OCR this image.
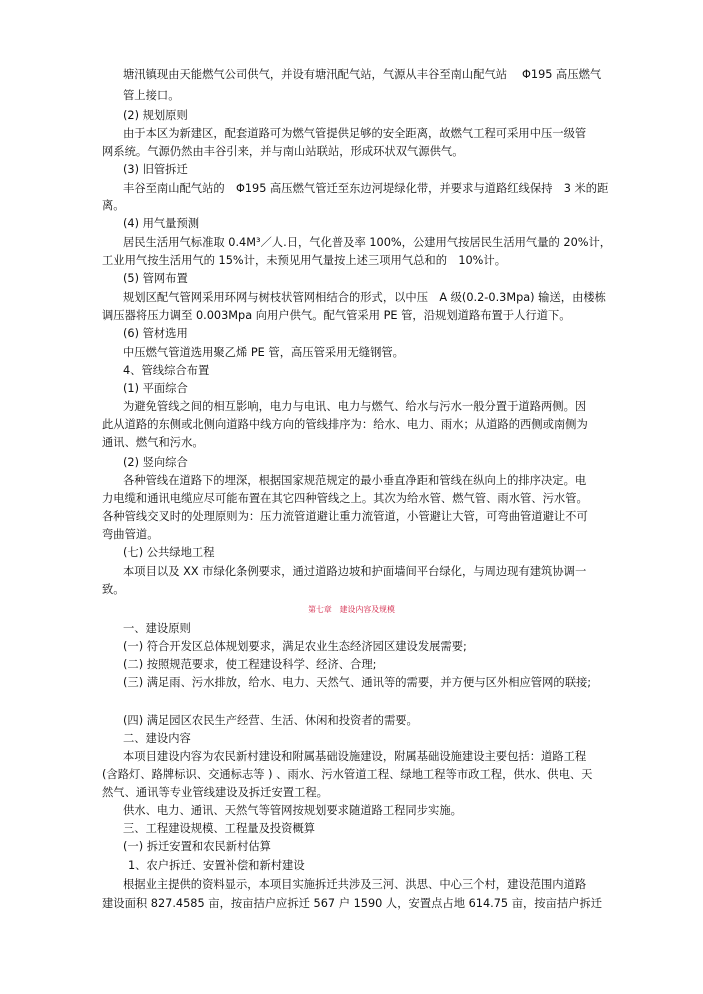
塘汛镇现由天能燃气公司供气，并设有塘汛配气站，气源从丰谷至南山配气站　 Φ195 高压燃气
管上接口。
(2) 规划原则
由于本区为新建区，配套道路可为燃气管提供足够的安全距离，故燃气工程可采用中压一级管
网系统。气源仍然由丰谷引来，并与南山站联站，形成环状双气源供气。
(3) 旧管拆迁
丰谷至南山配气站的　Φ195 高压燃气管迁至东边河堤绿化带，并要求与道路红线保持　3 米的距
离。
(4) 用气量预测
居民生活用气标准取 0.4M³／人.日，气化普及率 100%，公建用气按居民生活用气量的 20%计，
工业用气按生活用气的 15%计，未预见用气量按上述三项用气总和的　10%计。
(5) 管网布置
规划区配气管网采用环网与树枝状管网相结合的形式，以中压　A 级(0.2-0.3Mpa) 输送，由楼栋
调压器将压力调至 0.003Mpa 向用户供气。配气管采用 PE 管，沿规划道路布置于人行道下。
(6) 管材选用
中压燃气管道选用聚乙烯 PE 管，高压管采用无缝钢管。
4、管线综合布置
(1) 平面综合
为避免管线之间的相互影响，电力与电讯、电力与燃气、给水与污水一般分置于道路两侧。因
此从道路的东侧或北侧向道路中线方向的管线排序为：给水、电力、雨水；从道路的西侧或南侧为
通讯、燃气和污水。
(2) 竖向综合
各种管线在道路下的埋深，根据国家规范规定的最小垂直净距和管线在纵向上的排序决定。电
力电缆和通讯电缆应尽可能布置在其它四种管线之上。其次为给水管、燃气管、雨水管、污水管。
各种管线交叉时的处理原则为：压力流管道避让重力流管道，小管避让大管，可弯曲管道避让不可
弯曲管道。
(七) 公共绿地工程
本项目以及 XX 市绿化条例要求，通过道路边坡和护面墙间平台绿化，与周边现有建筑协调一
致。
第七章　建设内容及规模
一、建设原则
(一) 符合开发区总体规划要求，满足农业生态经济园区建设发展需要;
(二) 按照规范要求，使工程建设科学、经济、合理;
(三) 满足雨、污水排放，给水、电力、天然气、通讯等的需要，并方便与区外相应管网的联接;
(四) 满足园区农民生产经营、生活、休闲和投资者的需要。
二、建设内容
本项目建设内容为农民新村建设和附属基础设施建设，附属基础设施建设主要包括：道路工程
(含路灯、路牌标识、交通标志等 ) 、雨水、污水管道工程、绿地工程等市政工程，供水、供电、天
然气、通讯等专业管线建设及拆迁安置工程。
供水、电力、通讯、天然气等管网按规划要求随道路工程同步实施。
三、工程建设规模、工程量及投资概算
(一) 拆迁安置和农民新村估算
1、农户拆迁、安置补偿和新村建设
根据业主提供的资料显示，本项目实施拆迁共涉及三河、洪思、中心三个村，建设范围内道路
建设面积 827.4585 亩，按亩拮户应拆迁 567 户 1590 人，安置点占地 614.75 亩，按亩拮户拆迁
